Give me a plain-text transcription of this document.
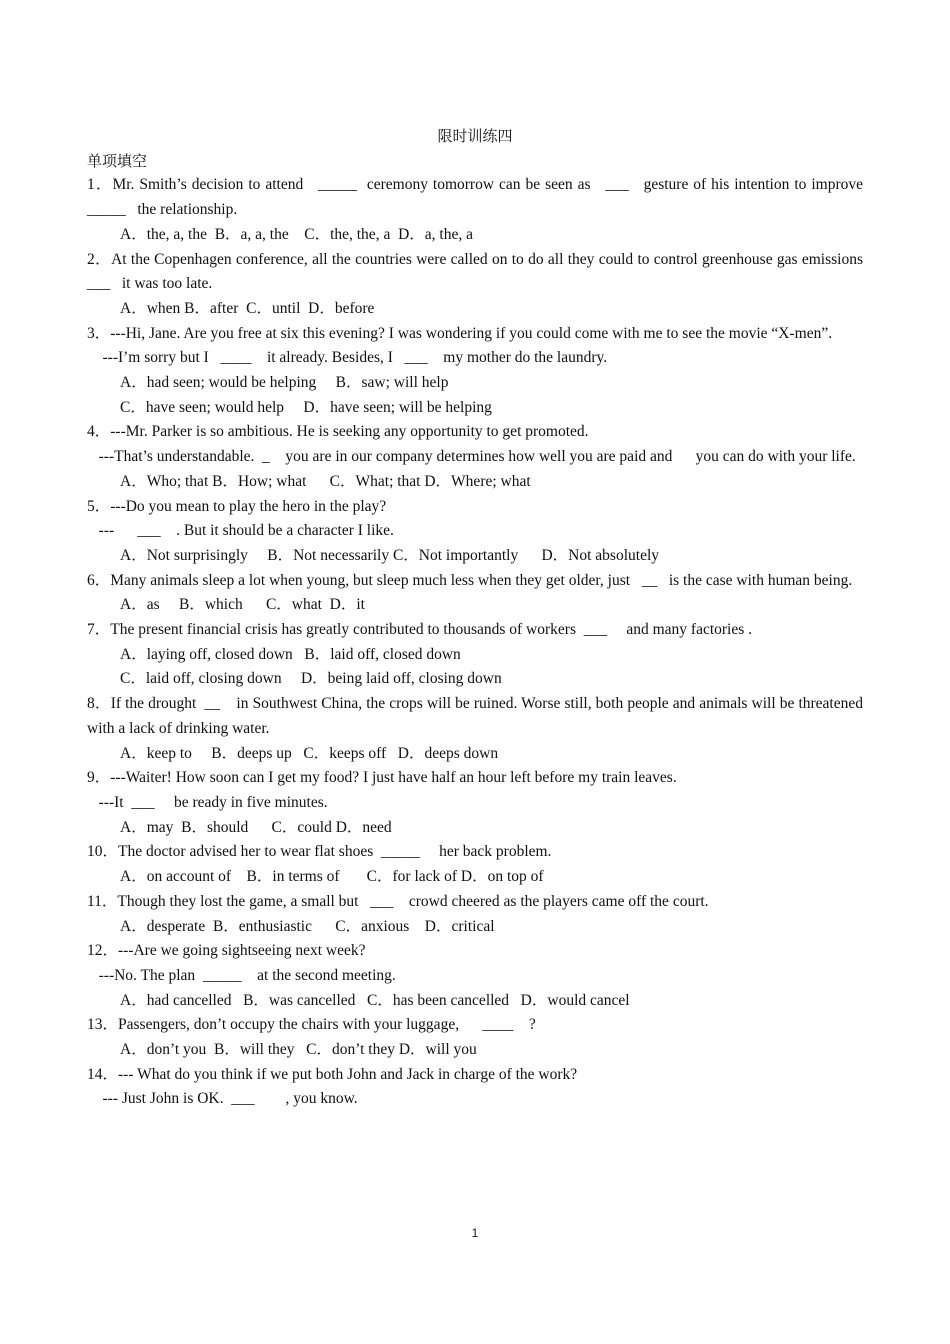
限时训练四

单项填空

1．Mr. Smith’s decision to attend   _____  ceremony tomorrow can be seen as   ___   gesture of his intention to improve   _____   the relationship.

A．the, a, the  B．a, a, the    C．the, the, a  D．a, the, a

2．At the Copenhagen conference, all the countries were called on to do all they could to control greenhouse gas emissions    ___   it was too late.

A．when B．after  C．until  D．before

3．---Hi, Jane. Are you free at six this evening? I was wondering if you could come with me to see the movie “X-men”.

---I’m sorry but I   ____    it already. Besides, I   ___    my mother do the laundry.

A．had seen; would be helping     B．saw; will help

C．have seen; would help     D．have seen; will be helping

4．---Mr. Parker is so ambitious. He is seeking any opportunity to get promoted.

---That’s understandable.  _    you are in our company determines how well you are paid and      you can do with your life.

A．Who; that B．How; what      C．What; that D．Where; what

5．---Do you mean to play the hero in the play?

---      ___    . But it should be a character I like.

A．Not surprisingly     B．Not necessarily C．Not importantly      D．Not absolutely

6．Many animals sleep a lot when young, but sleep much less when they get older, just   __   is the case with human being.

A．as     B．which      C．what  D．it

7．The present financial crisis has greatly contributed to thousands of workers  ___     and many factories .

A．laying off, closed down   B．laid off, closed down

C．laid off, closing down     D．being laid off, closing down

8．If the drought  __    in Southwest China, the crops will be ruined. Worse still, both people and animals will be threatened with a lack of drinking water.

A．keep to     B．deeps up   C．keeps off   D．deeps down

9．---Waiter! How soon can I get my food? I just have half an hour left before my train leaves.

---It  ___     be ready in five minutes.

A．may  B．should      C．could D．need

10．The doctor advised her to wear flat shoes  _____     her back problem.

A．on account of    B．in terms of       C．for lack of D．on top of

11．Though they lost the game, a small but   ___    crowd cheered as the players came off the court.

A．desperate  B．enthusiastic      C．anxious    D．critical

12．---Are we going sightseeing next week?

---No. The plan  _____    at the second meeting.

A．had cancelled   B．was cancelled   C．has been cancelled   D．would cancel

13．Passengers, don’t occupy the chairs with your luggage,      ____    ?

A．don’t you  B．will they   C．don’t they D．will you

14．--- What do you think if we put both John and Jack in charge of the work?

--- Just John is OK.  ___        , you know.

1
